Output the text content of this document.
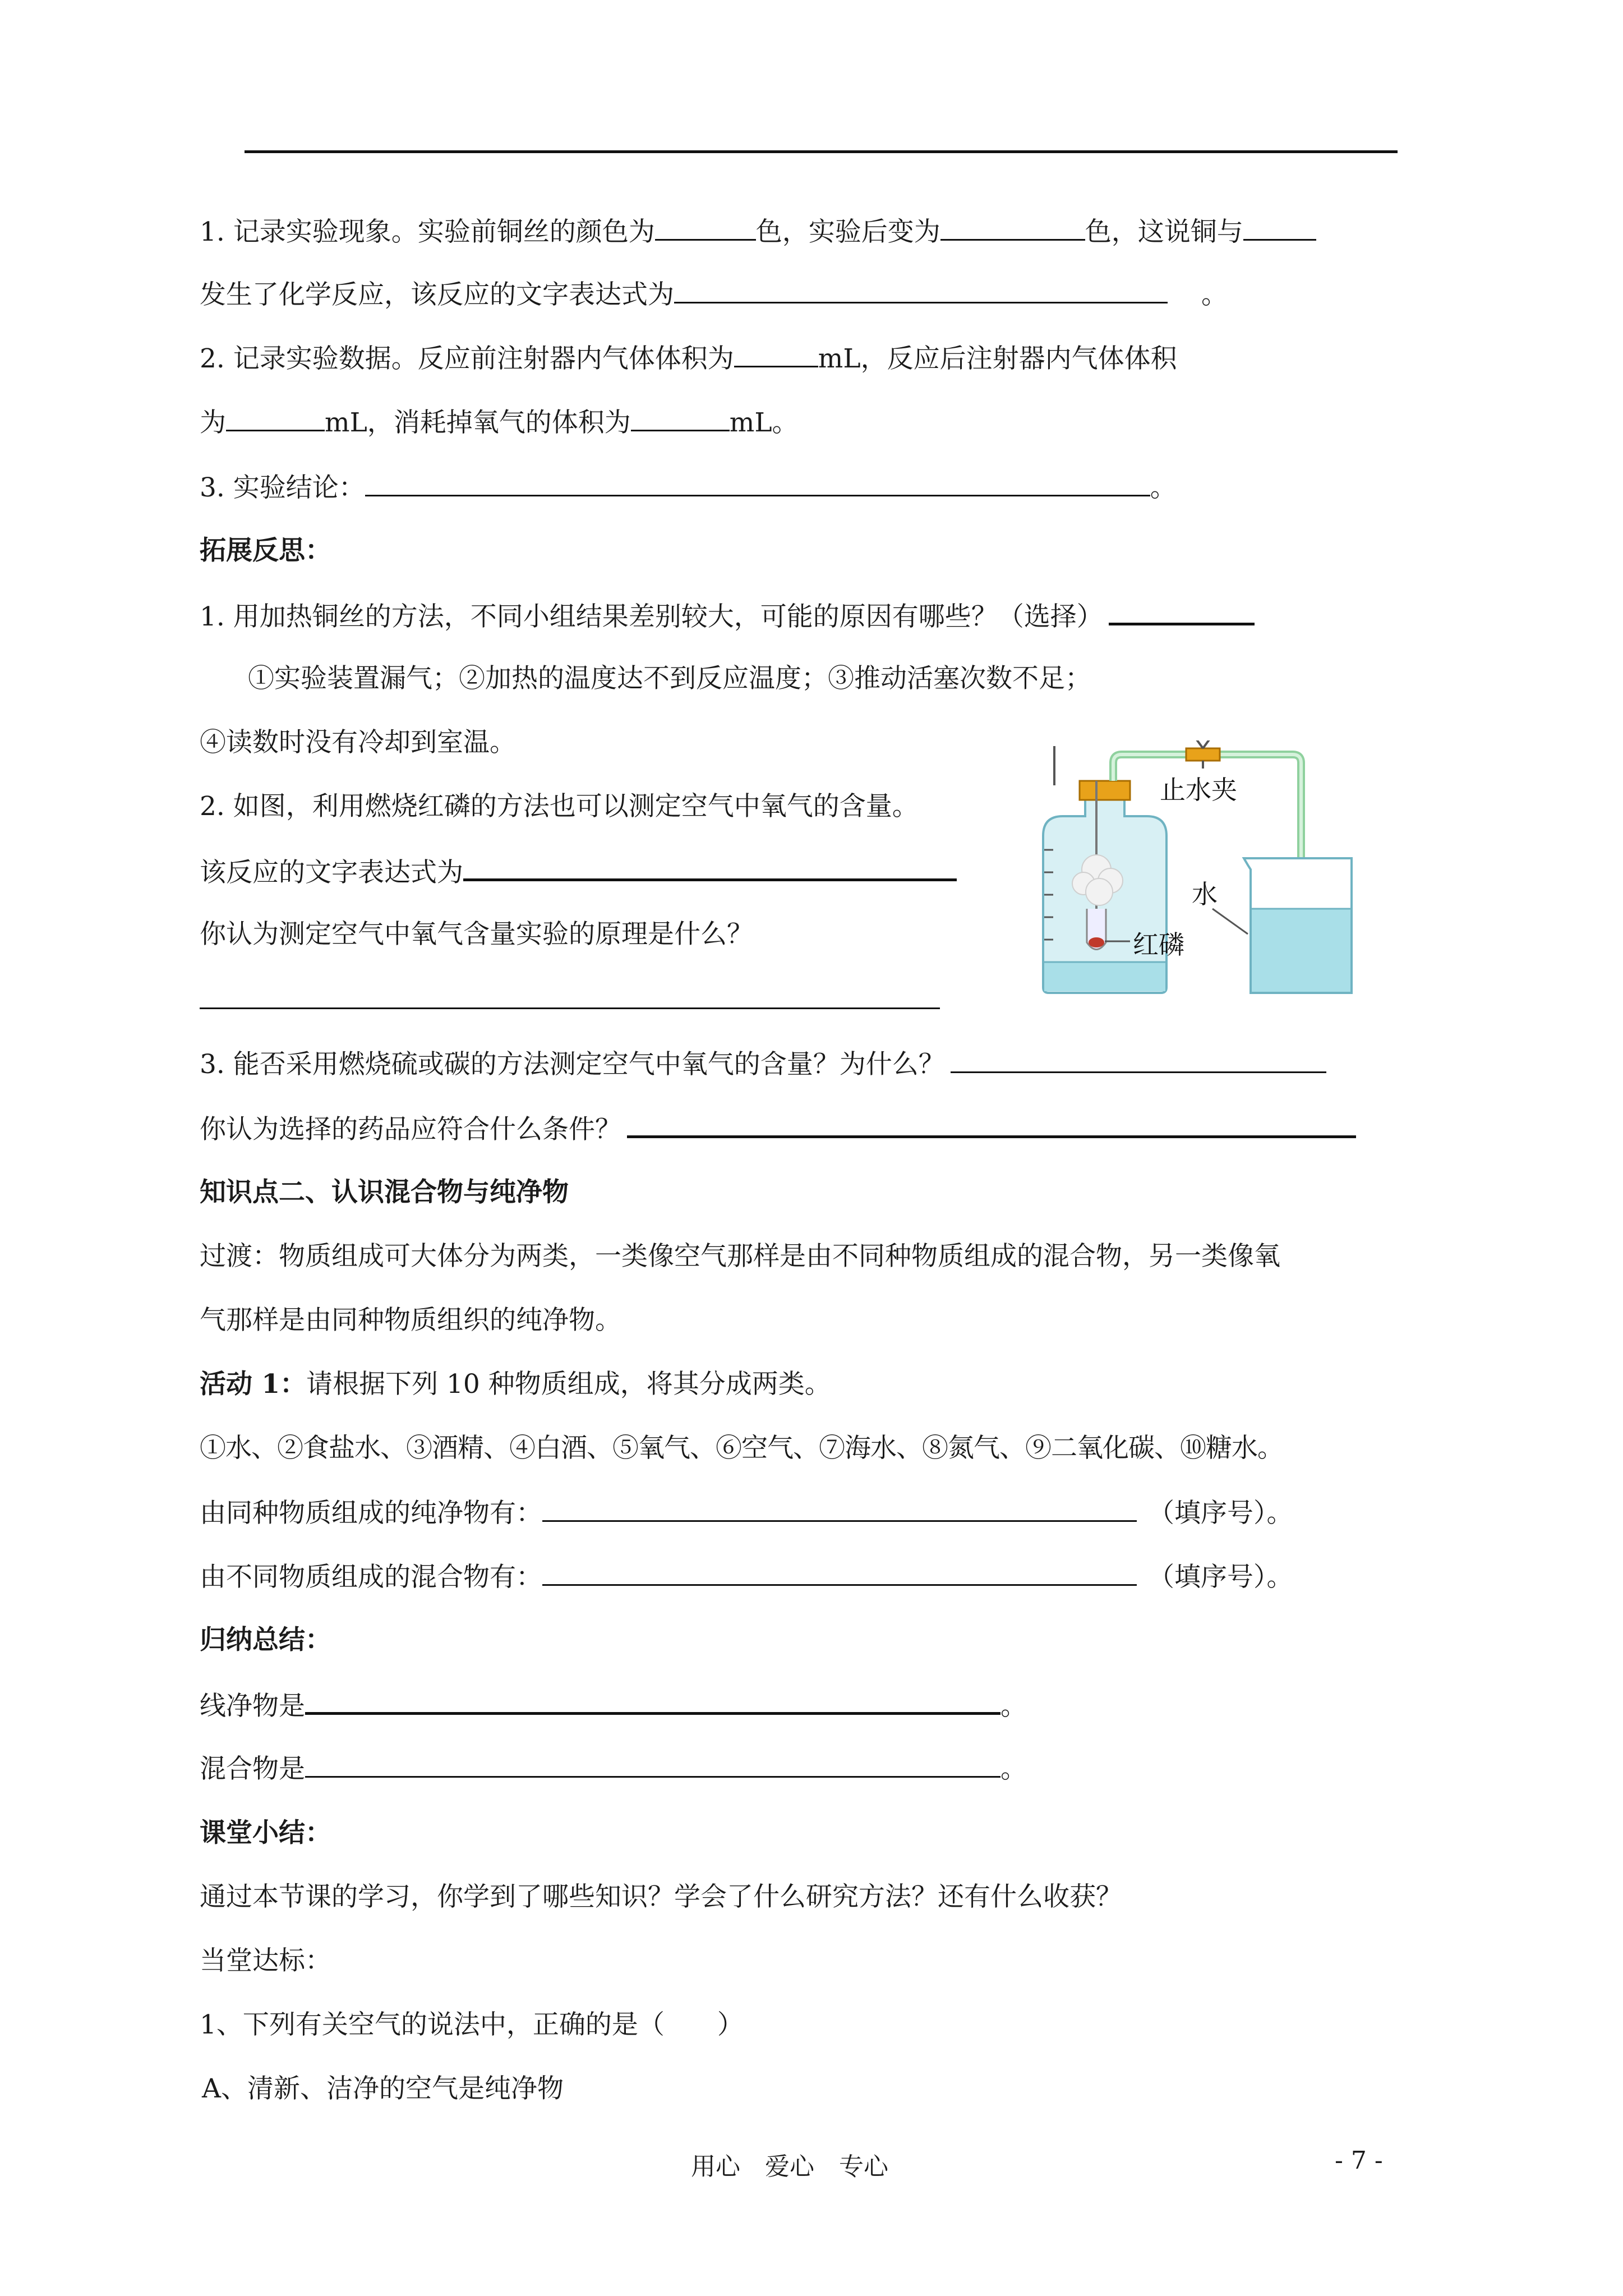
1. 记录实验现象。实验前铜丝的颜色为	色，实验后变为	色，这说铜与
发生了化学反应，该反应的文字表达式为	。
2. 记录实验数据。反应前注射器内气体体积为	mL，反应后注射器内气体体积
为	mL，消耗掉氧气的体积为	mL。
3. 实验结论：	。
拓展反思：
1. 用加热铜丝的方法，不同小组结果差别较大，可能的原因有哪些？（选择）
①实验装置漏气；②加热的温度达不到反应温度；③推动活塞次数不足；
④读数时没有冷却到室温。
2. 如图，利用燃烧红磷的方法也可以测定空气中氧气的含量。
该反应的文字表达式为
你认为测定空气中氧气含量实验的原理是什么？
3. 能否采用燃烧硫或碳的方法测定空气中氧气的含量？为什么？
你认为选择的药品应符合什么条件？
知识点二、认识混合物与纯净物
过渡：物质组成可大体分为两类，一类像空气那样是由不同种物质组成的混合物，另一类像氧
气那样是由同种物质组织的纯净物。
活动 1：请根据下列 10 种物质组成，将其分成两类。
①水、②食盐水、③酒精、④白酒、⑤氧气、⑥空气、⑦海水、⑧氮气、⑨二氧化碳、⑩糖水。
由同种物质组成的纯净物有：	（填序号）。
由不同物质组成的混合物有：	（填序号）。
归纳总结：
线净物是	。
混合物是	。
课堂小结：
通过本节课的学习，你学到了哪些知识？学会了什么研究方法？还有什么收获？
当堂达标：
1、下列有关空气的说法中，正确的是（　　）
A、清新、洁净的空气是纯净物
止水夹
水
红磷
用心　爱心　专心	- 7 -
